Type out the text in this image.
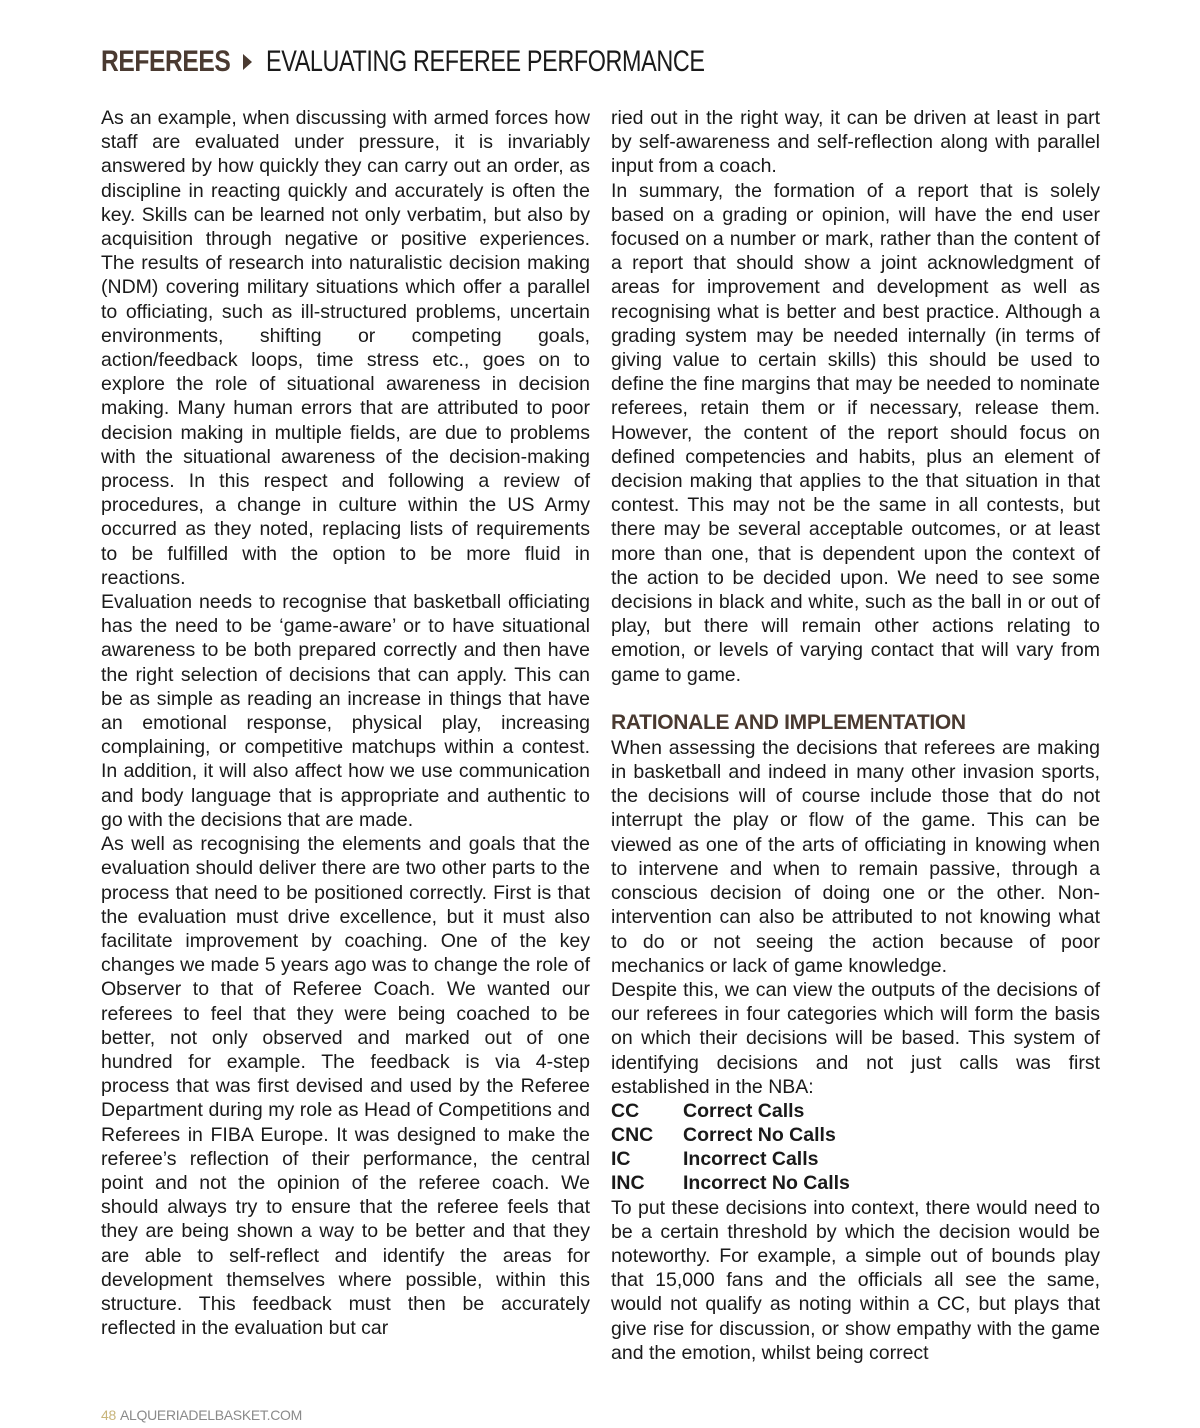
REFEREES EVALUATING REFEREE PERFORMANCE

As an example, when discussing with armed forces how staff are evaluated under pressure, it is invariably answered by how quickly they can carry out an order, as discipline in reacting quickly and accurately is often the key. Skills can be learned not only verbatim, but also by acquisition through negative or positive experiences. The results of research into naturalistic decision making (NDM) covering military situations which offer a parallel to officiating, such as ill-structured problems, uncertain environments, shifting or competing goals, action/feedback loops, time stress etc., goes on to explore the role of situational awareness in decision making. Many human errors that are attributed to poor decision making in multiple fields, are due to problems with the situational awareness of the decision-making process. In this respect and following a review of procedures, a change in culture within the US Army occurred as they noted, replacing lists of requirements to be fulfilled with the option to be more fluid in reactions.

Evaluation needs to recognise that basketball officiating has the need to be ‘game-aware’ or to have situational awareness to be both prepared correctly and then have the right selection of decisions that can apply. This can be as simple as reading an increase in things that have an emotional response, physical play, increasing complaining, or competitive matchups within a contest. In addition, it will also affect how we use communication and body language that is appropriate and authentic to go with the decisions that are made.

As well as recognising the elements and goals that the evaluation should deliver there are two other parts to the process that need to be positioned correctly. First is that the evaluation must drive excellence, but it must also facilitate improvement by coaching. One of the key changes we made 5 years ago was to change the role of Observer to that of Referee Coach. We wanted our referees to feel that they were being coached to be better, not only observed and marked out of one hundred for example. The feedback is via 4-step process that was first devised and used by the Referee Department during my role as Head of Competitions and Referees in FIBA Europe. It was designed to make the referee’s reflection of their performance, the central point and not the opinion of the referee coach. We should always try to ensure that the referee feels that they are being shown a way to be better and that they are able to self-reflect and identify the areas for development themselves where possible, within this structure. This feedback must then be accurately reflected in the evaluation but car

ried out in the right way, it can be driven at least in part by self-awareness and self-reflection along with parallel input from a coach.

In summary, the formation of a report that is solely based on a grading or opinion, will have the end user focused on a number or mark, rather than the content of a report that should show a joint acknowledgment of areas for improvement and development as well as recognising what is better and best practice. Although a grading system may be needed internally (in terms of giving value to certain skills) this should be used to define the fine margins that may be needed to nominate referees, retain them or if necessary, release them. However, the content of the report should focus on defined competencies and habits, plus an element of decision making that applies to the that situation in that contest. This may not be the same in all contests, but there may be several acceptable outcomes, or at least more than one, that is dependent upon the context of the action to be decided upon. We need to see some decisions in black and white, such as the ball in or out of play, but there will remain other actions relating to emotion, or levels of varying contact that will vary from game to game.

RATIONALE AND IMPLEMENTATION

When assessing the decisions that referees are making in basketball and indeed in many other invasion sports, the decisions will of course include those that do not interrupt the play or flow of the game. This can be viewed as one of the arts of officiating in knowing when to intervene and when to remain passive, through a conscious decision of doing one or the other. Non-intervention can also be attributed to not knowing what to do or not seeing the action because of poor mechanics or lack of game knowledge.

Despite this, we can view the outputs of the decisions of our referees in four categories which will form the basis on which their decisions will be based. This system of identifying decisions and not just calls was first established in the NBA:

CC	Correct Calls
CNC	Correct No Calls
IC	Incorrect Calls
INC	Incorrect No Calls

To put these decisions into context, there would need to be a certain threshold by which the decision would be noteworthy. For example, a simple out of bounds play that 15,000 fans and the officials all see the same, would not qualify as noting within a CC, but plays that give rise for discussion, or show empathy with the game and the emotion, whilst being correct

48 ALQUERIADELBASKET.COM
